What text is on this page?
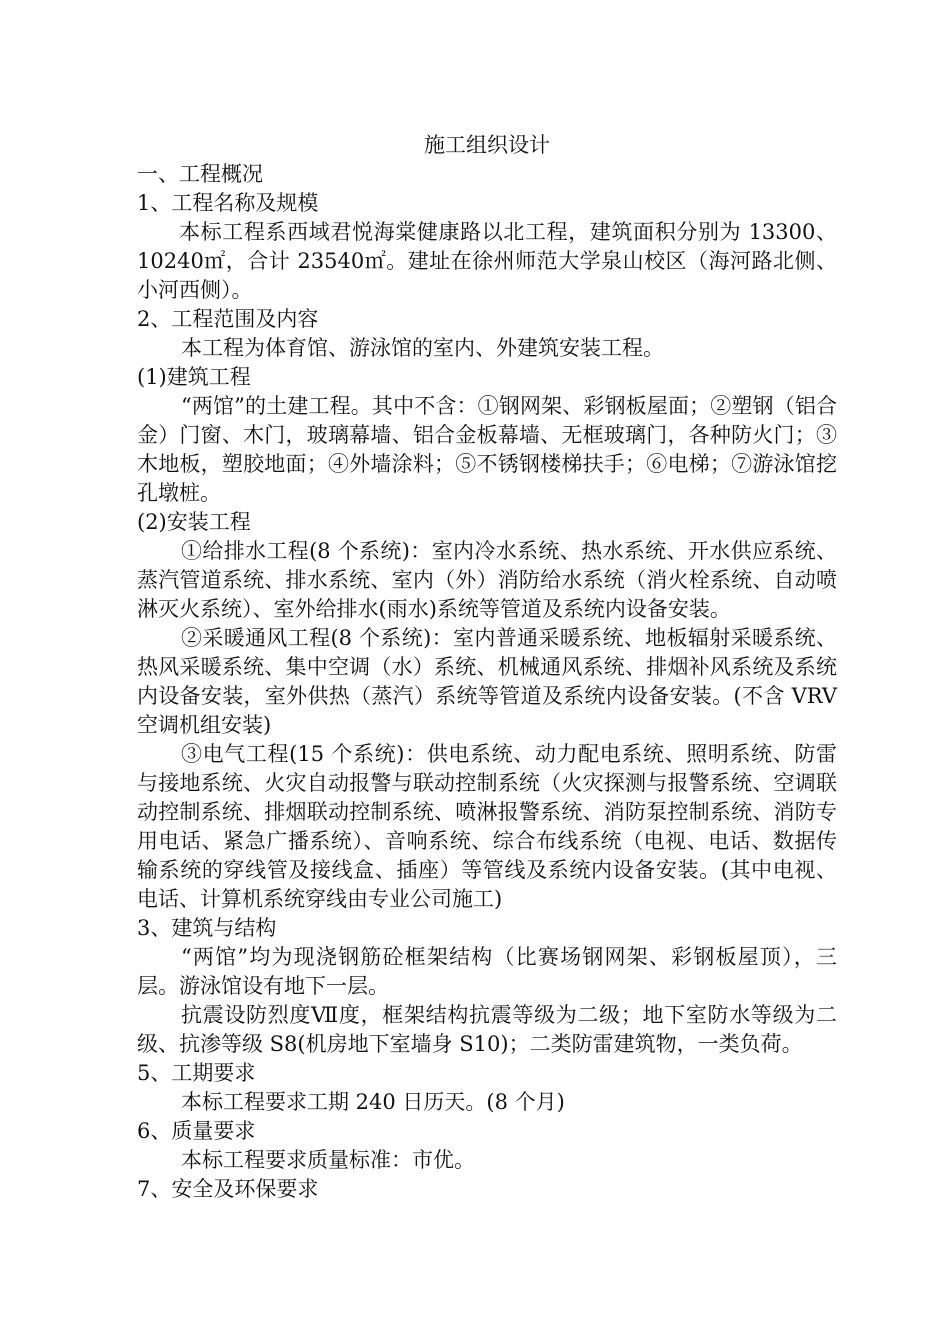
施工组织设计

一、工程概况

1、工程名称及规模

本标工程系西域君悦海棠健康路以北工程，建筑面积分别为 13300、10240㎡，合计 23540㎡。建址在徐州师范大学泉山校区（海河路北侧、小河西侧）。

2、工程范围及内容

本工程为体育馆、游泳馆的室内、外建筑安装工程。

(1)建筑工程

“两馆”的土建工程。其中不含：①钢网架、彩钢板屋面；②塑钢（铝合金）门窗、木门，玻璃幕墙、铝合金板幕墙、无框玻璃门，各种防火门；③木地板，塑胶地面；④外墙涂料；⑤不锈钢楼梯扶手；⑥电梯；⑦游泳馆挖孔墩桩。

(2)安装工程

①给排水工程(8 个系统)：室内冷水系统、热水系统、开水供应系统、蒸汽管道系统、排水系统、室内（外）消防给水系统（消火栓系统、自动喷淋灭火系统）、室外给排水(雨水)系统等管道及系统内设备安装。

②采暖通风工程(8 个系统)：室内普通采暖系统、地板辐射采暖系统、热风采暖系统、集中空调（水）系统、机械通风系统、排烟补风系统及系统内设备安装，室外供热（蒸汽）系统等管道及系统内设备安装。(不含 VRV 空调机组安装)

③电气工程(15 个系统)：供电系统、动力配电系统、照明系统、防雷与接地系统、火灾自动报警与联动控制系统（火灾探测与报警系统、空调联动控制系统、排烟联动控制系统、喷淋报警系统、消防泵控制系统、消防专用电话、紧急广播系统）、音响系统、综合布线系统（电视、电话、数据传输系统的穿线管及接线盒、插座）等管线及系统内设备安装。(其中电视、电话、计算机系统穿线由专业公司施工)

3、建筑与结构

“两馆”均为现浇钢筋砼框架结构（比赛场钢网架、彩钢板屋顶），三层。游泳馆设有地下一层。

抗震设防烈度Ⅶ度，框架结构抗震等级为二级；地下室防水等级为二级、抗渗等级 S8(机房地下室墙身 S10)；二类防雷建筑物，一类负荷。

5、工期要求

本标工程要求工期 240 日历天。(8 个月)

6、质量要求

本标工程要求质量标准：市优。

7、安全及环保要求
